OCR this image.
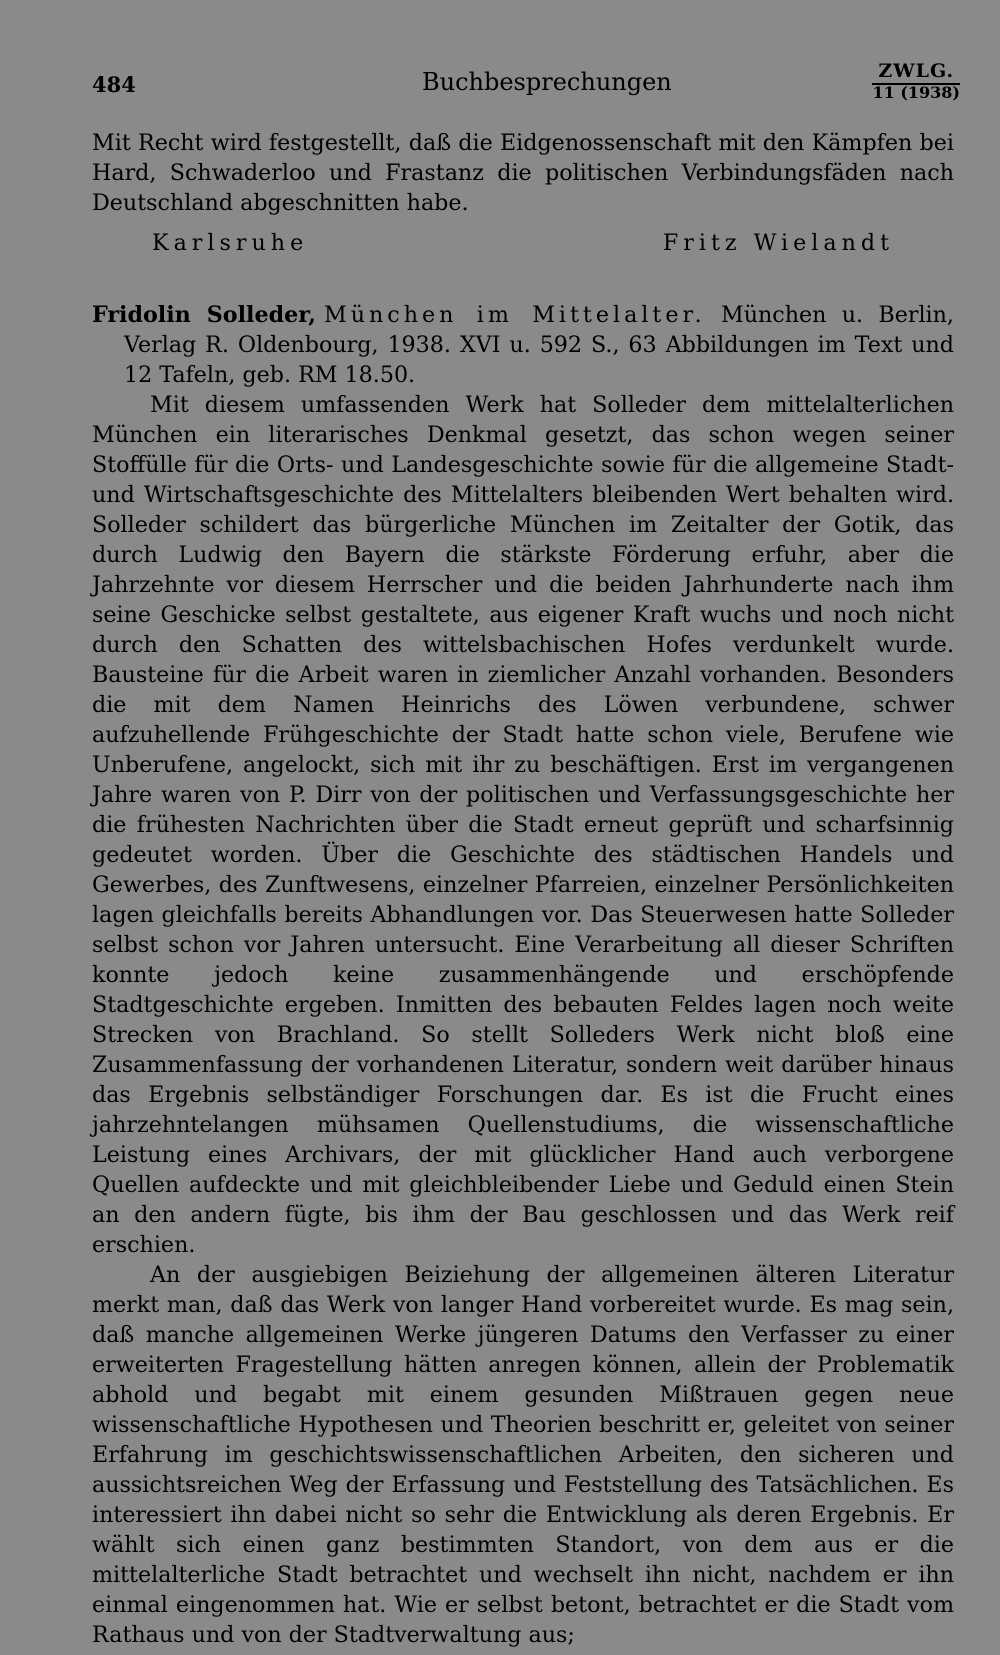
484	Buchbesprechungen	ZWLG.
11 (1938)

Mit Recht wird festgestellt, daß die Eidgenossenschaft mit den Kämpfen bei Hard, Schwaderloo und Frastanz die politischen Verbindungsfäden nach Deutschland abgeschnitten habe.

Karlsruhe	Fritz Wielandt

Fridolin Solleder, München im Mittelalter. München u. Berlin, Verlag R. Oldenbourg, 1938. XVI u. 592 S., 63 Abbildungen im Text und 12 Tafeln, geb. RM 18.50.

Mit diesem umfassenden Werk hat Solleder dem mittelalterlichen München ein literarisches Denkmal gesetzt, das schon wegen seiner Stoffülle für die Orts- und Landesgeschichte sowie für die allgemeine Stadt- und Wirtschaftsgeschichte des Mittelalters bleibenden Wert behalten wird. Solleder schildert das bürgerliche München im Zeitalter der Gotik, das durch Ludwig den Bayern die stärkste Förderung erfuhr, aber die Jahrzehnte vor diesem Herrscher und die beiden Jahrhunderte nach ihm seine Geschicke selbst gestaltete, aus eigener Kraft wuchs und noch nicht durch den Schatten des wittelsbachischen Hofes verdunkelt wurde. Bausteine für die Arbeit waren in ziemlicher Anzahl vorhanden. Besonders die mit dem Namen Heinrichs des Löwen verbundene, schwer aufzuhellende Frühgeschichte der Stadt hatte schon viele, Berufene wie Unberufene, angelockt, sich mit ihr zu beschäftigen. Erst im vergangenen Jahre waren von P. Dirr von der politischen und Verfassungsgeschichte her die frühesten Nachrichten über die Stadt erneut geprüft und scharfsinnig gedeutet worden. Über die Geschichte des städtischen Handels und Gewerbes, des Zunftwesens, einzelner Pfarreien, einzelner Persönlichkeiten lagen gleichfalls bereits Abhandlungen vor. Das Steuerwesen hatte Solleder selbst schon vor Jahren untersucht. Eine Verarbeitung all dieser Schriften konnte jedoch keine zusammenhängende und erschöpfende Stadtgeschichte ergeben. Inmitten des bebauten Feldes lagen noch weite Strecken von Brachland. So stellt Solleders Werk nicht bloß eine Zusammenfassung der vorhandenen Literatur, sondern weit darüber hinaus das Ergebnis selbständiger Forschungen dar. Es ist die Frucht eines jahrzehntelangen mühsamen Quellenstudiums, die wissenschaftliche Leistung eines Archivars, der mit glücklicher Hand auch verborgene Quellen aufdeckte und mit gleichbleibender Liebe und Geduld einen Stein an den andern fügte, bis ihm der Bau geschlossen und das Werk reif erschien.

An der ausgiebigen Beiziehung der allgemeinen älteren Literatur merkt man, daß das Werk von langer Hand vorbereitet wurde. Es mag sein, daß manche allgemeinen Werke jüngeren Datums den Verfasser zu einer erweiterten Fragestellung hätten anregen können, allein der Problematik abhold und begabt mit einem gesunden Mißtrauen gegen neue wissenschaftliche Hypothesen und Theorien beschritt er, geleitet von seiner Erfahrung im geschichtswissenschaftlichen Arbeiten, den sicheren und aussichtsreichen Weg der Erfassung und Feststellung des Tatsächlichen. Es interessiert ihn dabei nicht so sehr die Entwicklung als deren Ergebnis. Er wählt sich einen ganz bestimmten Standort, von dem aus er die mittelalterliche Stadt betrachtet und wechselt ihn nicht, nachdem er ihn einmal eingenommen hat. Wie er selbst betont, betrachtet er die Stadt vom Rathaus und von der Stadtverwaltung aus;
